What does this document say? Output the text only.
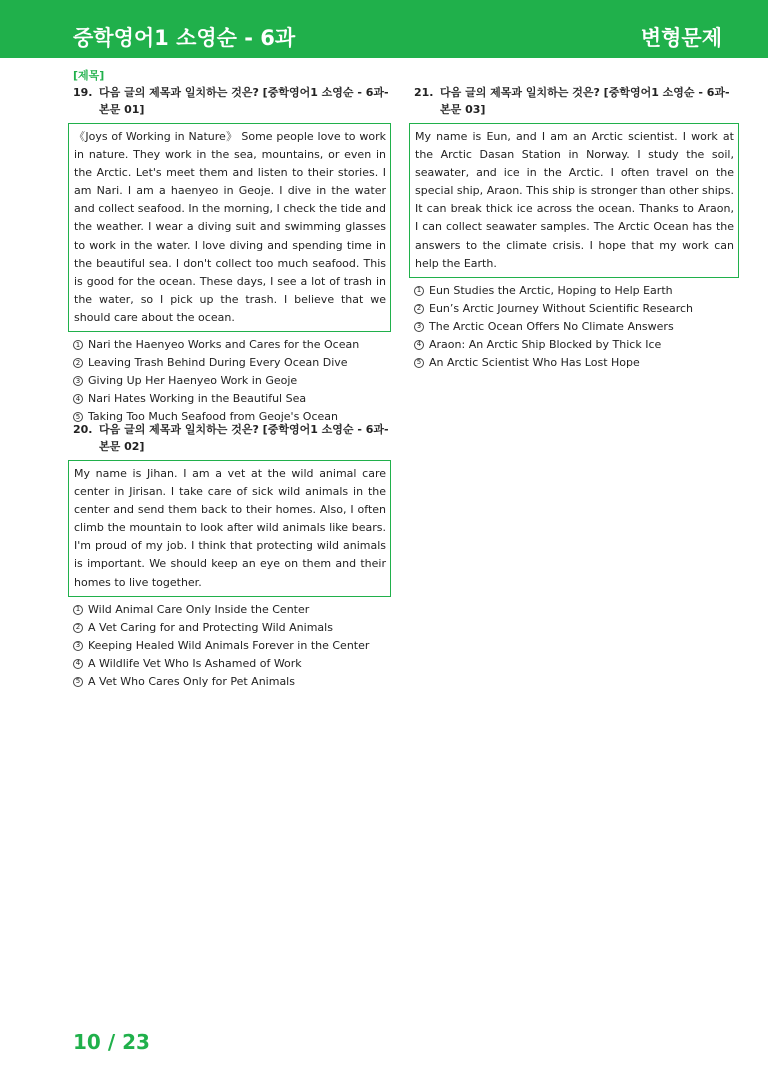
중학영어1 소영순 - 6과	변형문제
[제목]
19. 다음 글의 제목과 일치하는 것은? [중학영어1 소영순 - 6과-본문 01]
《Joys of Working in Nature》 Some people love to work in nature. They work in the sea, mountains, or even in the Arctic. Let's meet them and listen to their stories. I am Nari. I am a haenyeo in Geoje. I dive in the water and collect seafood. In the morning, I check the tide and the weather. I wear a diving suit and swimming glasses to work in the water. I love diving and spending time in the beautiful sea. I don't collect too much seafood. This is good for the ocean. These days, I see a lot of trash in the water, so I pick up the trash. I believe that we should care about the ocean.
1 Nari the Haenyeo Works and Cares for the Ocean
2 Leaving Trash Behind During Every Ocean Dive
3 Giving Up Her Haenyeo Work in Geoje
4 Nari Hates Working in the Beautiful Sea
5 Taking Too Much Seafood from Geoje's Ocean
20. 다음 글의 제목과 일치하는 것은? [중학영어1 소영순 - 6과-본문 02]
My name is Jihan. I am a vet at the wild animal care center in Jirisan. I take care of sick wild animals in the center and send them back to their homes. Also, I often climb the mountain to look after wild animals like bears. I'm proud of my job. I think that protecting wild animals is important. We should keep an eye on them and their homes to live together.
1 Wild Animal Care Only Inside the Center
2 A Vet Caring for and Protecting Wild Animals
3 Keeping Healed Wild Animals Forever in the Center
4 A Wildlife Vet Who Is Ashamed of Work
5 A Vet Who Cares Only for Pet Animals
21. 다음 글의 제목과 일치하는 것은? [중학영어1 소영순 - 6과-본문 03]
My name is Eun, and I am an Arctic scientist. I work at the Arctic Dasan Station in Norway. I study the soil, seawater, and ice in the Arctic. I often travel on the special ship, Araon. This ship is stronger than other ships. It can break thick ice across the ocean. Thanks to Araon, I can collect seawater samples. The Arctic Ocean has the answers to the climate crisis. I hope that my work can help the Earth.
1 Eun Studies the Arctic, Hoping to Help Earth
2 Eun’s Arctic Journey Without Scientific Research
3 The Arctic Ocean Offers No Climate Answers
4 Araon: An Arctic Ship Blocked by Thick Ice
5 An Arctic Scientist Who Has Lost Hope
10 / 23
